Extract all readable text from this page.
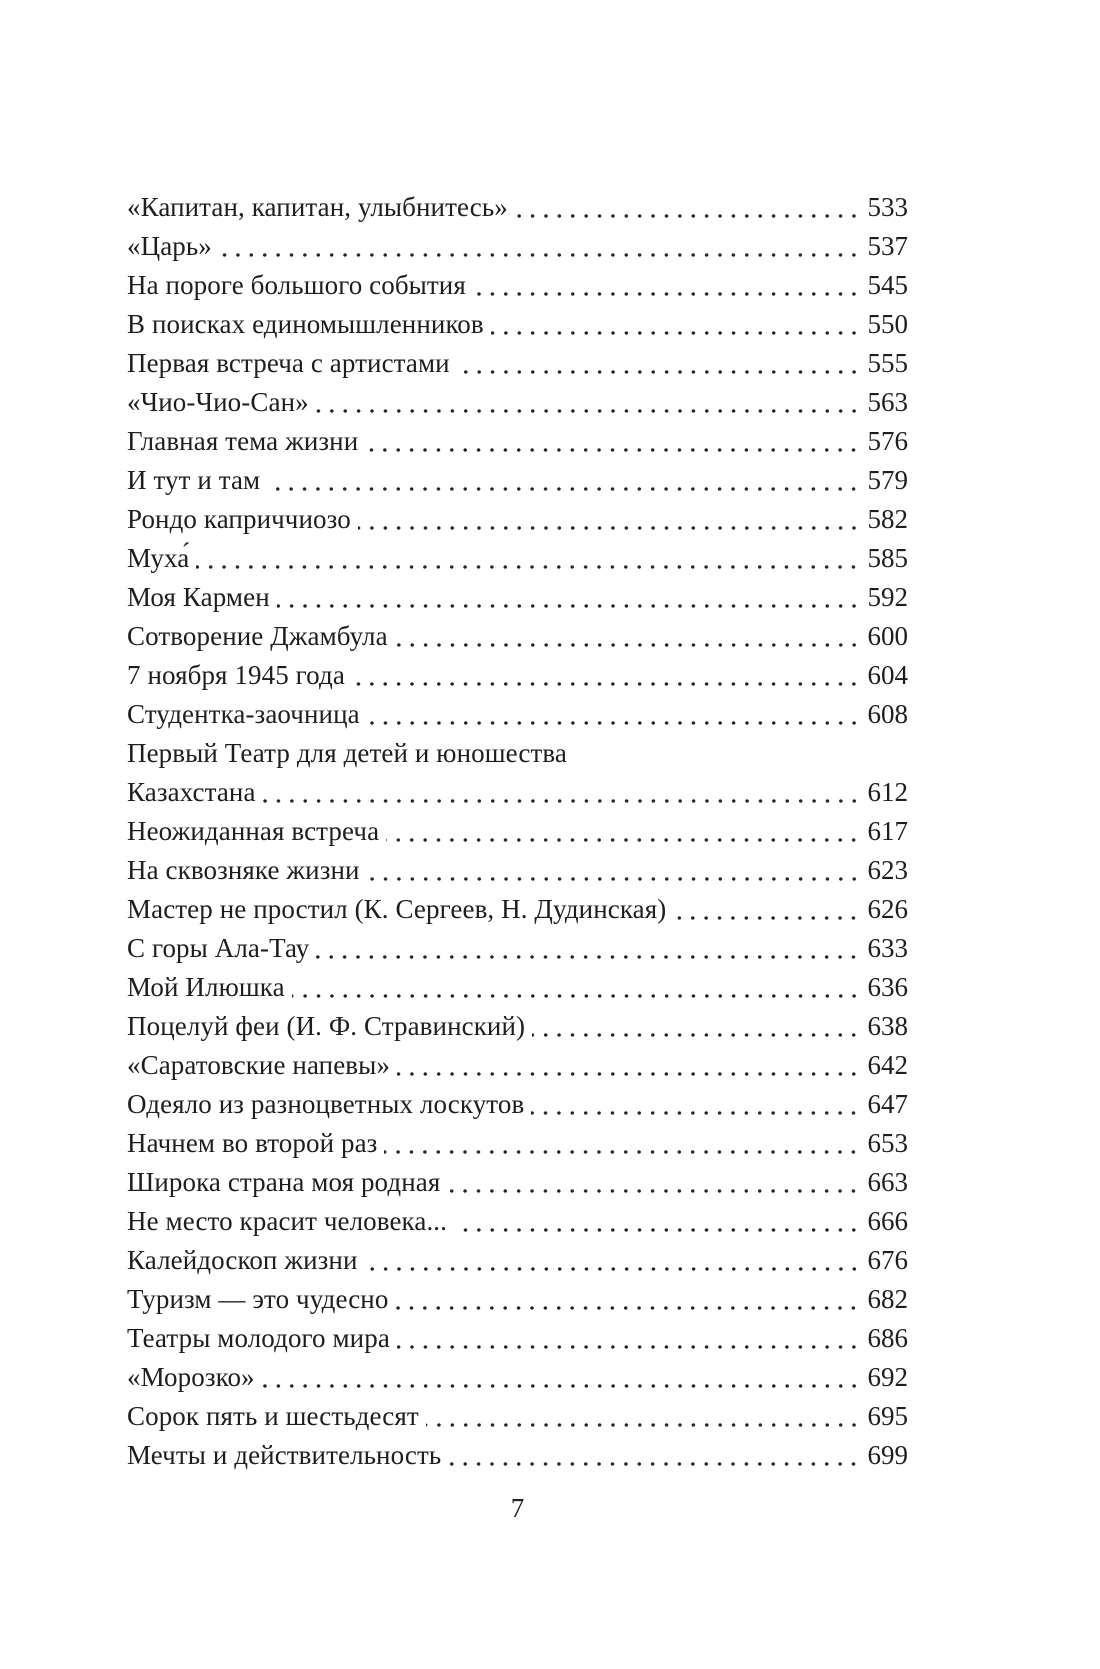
«Капитан, капитан, улыбнитесь»	533
«Царь»	537
На пороге большого события	545
В поисках единомышленников	550
Первая встреча с артистами	555
«Чио-Чио-Сан»	563
Главная тема жизни	576
И тут и там	579
Рондо каприччиозо	582
Муха́	585
Моя Кармен	592
Сотворение Джамбула	600
7 ноября 1945 года	604
Студентка-заочница	608
Первый Театр для детей и юношества
Казахстана	612
Неожиданная встреча	617
На сквозняке жизни	623
Мастер не простил (К. Сергеев, Н. Дудинская)	626
С горы Ала-Тау	633
Мой Илюшка	636
Поцелуй феи (И. Ф. Стравинский)	638
«Саратовские напевы»	642
Одеяло из разноцветных лоскутов	647
Начнем во второй раз	653
Широка страна моя родная	663
Не место красит человека...	666
Калейдоскоп жизни	676
Туризм — это чудесно	682
Театры молодого мира	686
«Морозко»	692
Сорок пять и шестьдесят	695
Мечты и действительность	699
7
